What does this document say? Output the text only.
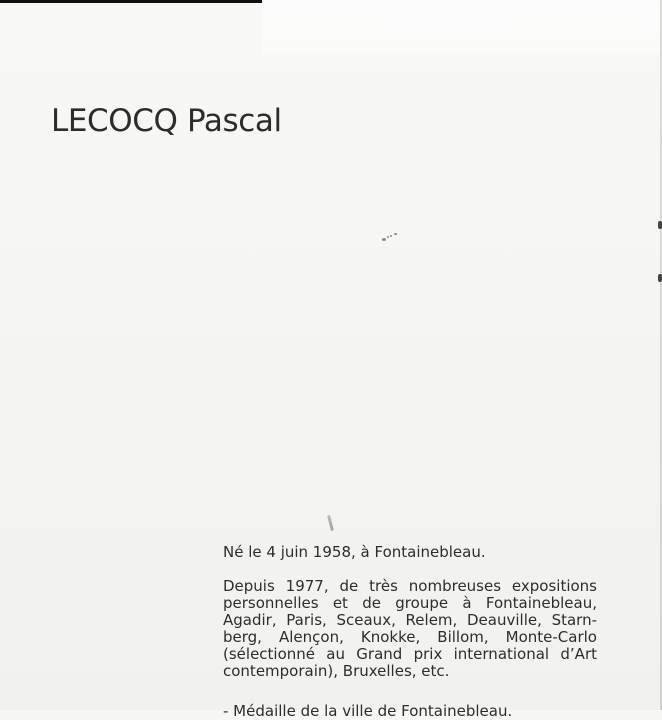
LECOCQ Pascal

Né le 4 juin 1958, à Fontainebleau.

Depuis 1977, de très nombreuses expositions
personnelles et de groupe à Fontainebleau,
Agadir, Paris, Sceaux, Relem, Deauville, Starn-
berg, Alençon, Knokke, Billom, Monte-Carlo
(sélectionné au Grand prix international d’Art
contemporain), Bruxelles, etc.

- Médaille de la ville de Fontainebleau.
